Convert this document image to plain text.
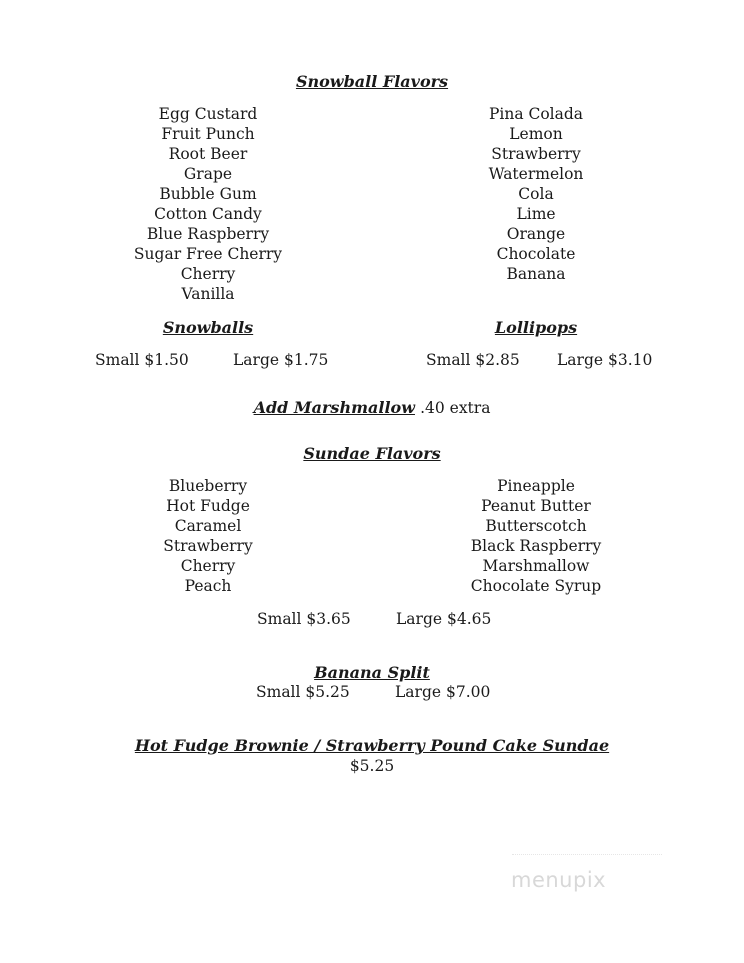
Snowball Flavors
Egg Custard
Fruit Punch
Root Beer
Grape
Bubble Gum
Cotton Candy
Blue Raspberry
Sugar Free Cherry
Cherry
Vanilla
Pina Colada
Lemon
Strawberry
Watermelon
Cola
Lime
Orange
Chocolate
Banana
Snowballs	Lollipops
Small $1.50	Large $1.75	Small $2.85 Large $3.10
Add Marshmallow .40 extra
Sundae Flavors
Blueberry
Hot Fudge
Caramel
Strawberry
Cherry
Peach
Pineapple
Peanut Butter
Butterscotch
Black Raspberry
Marshmallow
Chocolate Syrup
Small $3.65	Large $4.65
Banana Split
Small $5.25	Large $7.00
Hot Fudge Brownie / Strawberry Pound Cake Sundae
$5.25
menupix
